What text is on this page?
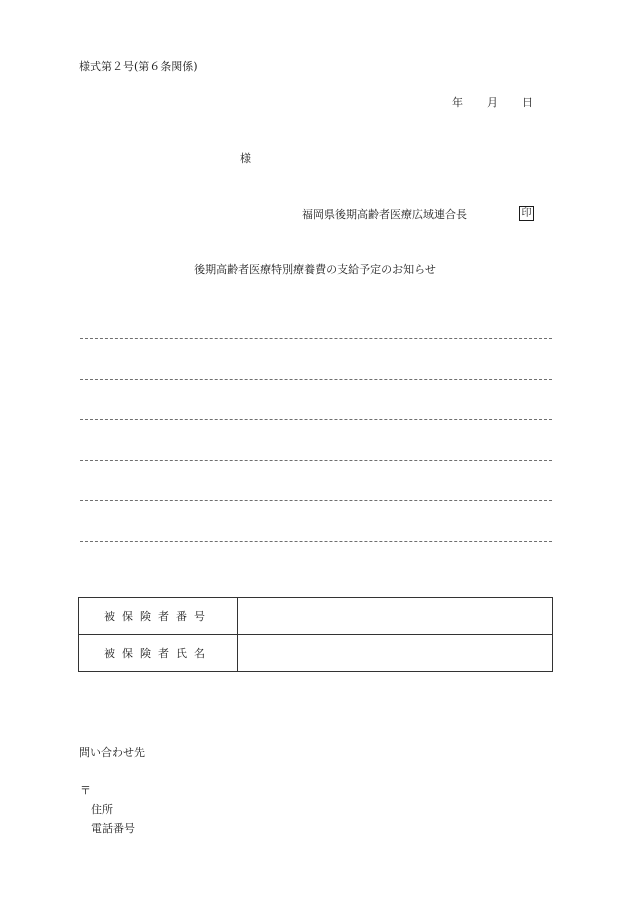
様式第２号(第６条関係)
年 月 日
様
福岡県後期高齢者医療広域連合長	印
後期高齢者医療特別療養費の支給予定のお知らせ
被保険者番号	
被保険者氏名	
問い合わせ先
〒
住所
電話番号
